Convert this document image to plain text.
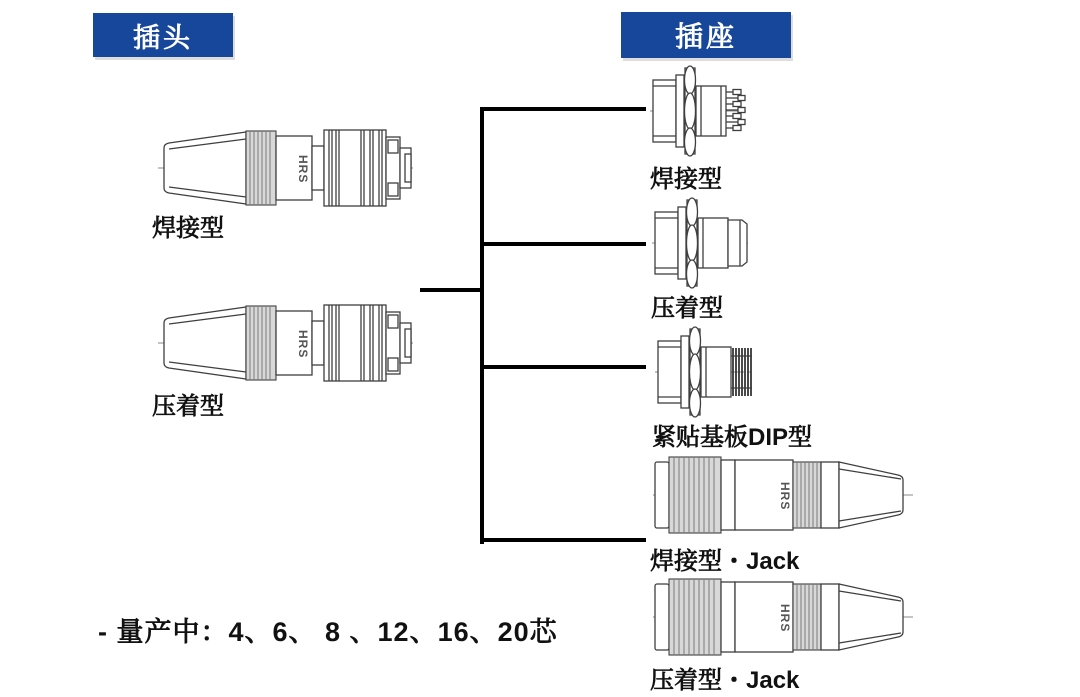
插头	插座
HRS
焊接型
HRS
压着型
焊接型
压着型
紧贴基板DIP型
HRS
焊接型・Jack
HRS
压着型・Jack
- 量产中：4、6、 8 、12、16、20芯
